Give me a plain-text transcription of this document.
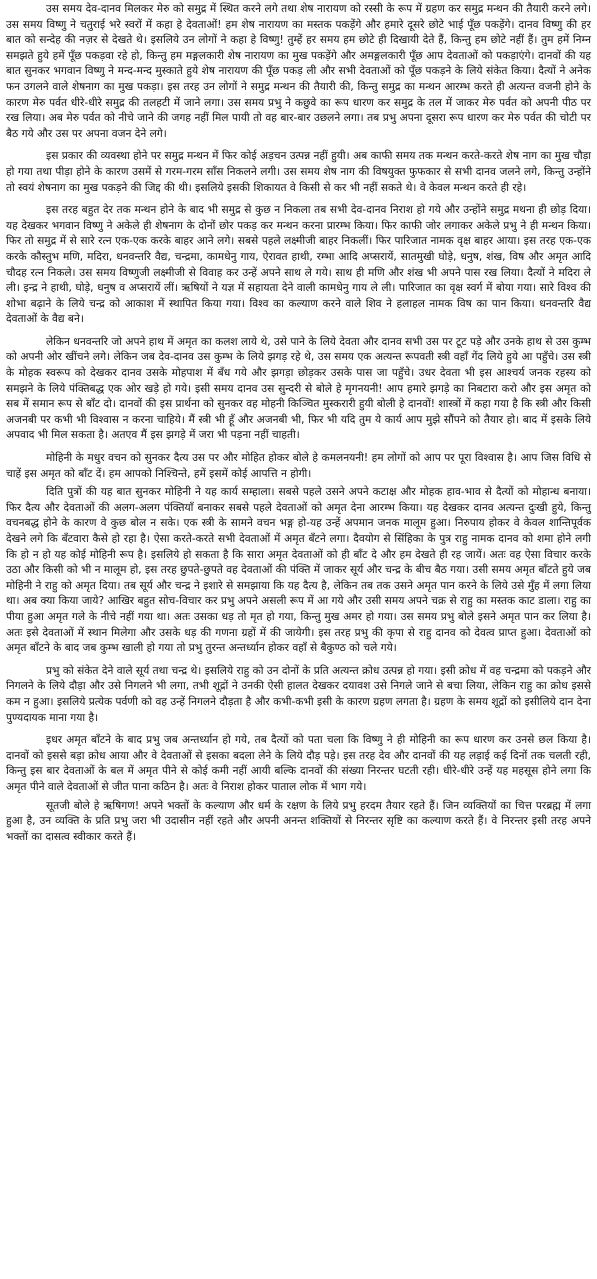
उस समय देव-दानव मिलकर मेरु को समुद्र में स्थित करने लगे तथा शेष नारायण को रस्सी के रूप में ग्रहण कर समुद्र मन्थन की तैयारी करने लगे। उस समय विष्णु ने चतुराई भरे स्वरों में कहा हे देवताओं! हम शेष नारायण का मस्तक पकड़ेंगे और हमारे दूसरे छोटे भाई पूँछ पकड़ेंगे। दानव विष्णु की हर बात को सन्देह की नज़र से देखते थे। इसलिये उन लोगों ने कहा हे विष्णु! तुम्हें हर समय हम छोटे ही दिखायी देते हैं, किन्तु हम छोटे नहीं हैं। तुम हमें निम्न समझते हुये हमें पूँछ पकड़वा रहे हो, किन्तु हम मङ्गलकारी शेष नारायण का मुख पकड़ेंगे और अमङ्गलकारी पूँछ आप देवताओं को पकड़ाएंगे। दानवों की यह बात सुनकर भगवान विष्णु ने मन्द-मन्द मुस्काते हुये शेष नारायण की पूँछ पकड़ ली और सभी देवताओं को पूँछ पकड़ने के लिये संकेत किया। दैत्यों ने अनेक फन उगलने वाले शेषनाग का मुख पकड़ा। इस तरह उन लोगों ने समुद्र मन्थन की तैयारी की, किन्तु समुद्र का मन्थन आरम्भ करते ही अत्यन्त वजनी होने के कारण मेरु पर्वत धीरे-धीरे समुद्र की तलहटी में जाने लगा। उस समय प्रभु ने कछुवे का रूप धारण कर समुद्र के तल में जाकर मेरु पर्वत को अपनी पीठ पर रख लिया। अब मेरु पर्वत को नीचे जाने की जगह नहीं मिल पायी तो वह बार-बार उछलने लगा। तब प्रभु अपना दूसरा रूप धारण कर मेरु पर्वत की चोटी पर बैठ गये और उस पर अपना वजन देने लगे।

इस प्रकार की व्यवस्था होने पर समुद्र मन्थन में फिर कोई अड़चन उत्पन्न नहीं हुयी। अब काफी समय तक मन्थन करते-करते शेष नाग का मुख चौड़ा हो गया तथा पीड़ा होने के कारण उसमें से गरम-गरम साँस निकलने लगी। उस समय शेष नाग की विषयुक्त फुफकार से सभी दानव जलने लगे, किन्तु उन्होंने तो स्वयं शेषनाग का मुख पकड़ने की जिद्द की थी। इसलिये इसकी शिकायत वे किसी से कर भी नहीं सकते थे। वे केवल मन्थन करते ही रहे।

इस तरह बहुत देर तक मन्थन होने के बाद भी समुद्र से कुछ न निकला तब सभी देव-दानव निराश हो गये और उन्होंने समुद्र मथना ही छोड़ दिया। यह देखकर भगवान विष्णु ने अकेले ही शेषनाग के दोनों छोर पकड़ कर मन्थन करना प्रारम्भ किया। फिर काफी जोर लगाकर अकेले प्रभु ने ही मन्थन किया। फिर तो समुद्र में से सारे रत्न एक-एक करके बाहर आने लगे। सबसे पहले लक्ष्मीजी बाहर निकलीं। फिर पारिजात नामक वृक्ष बाहर आया। इस तरह एक-एक करके कौस्तुभ मणि, मदिरा, धनवन्तरि वैद्य, चन्द्रमा, कामधेनु गाय, ऐरावत हाथी, रम्भा आदि अप्सरायें, सातमुखी घोड़े, धनुष, शंख, विष और अमृत आदि चौदह रत्न निकले। उस समय विष्णुजी लक्ष्मीजी से विवाह कर उन्हें अपने साथ ले गये। साथ ही मणि और शंख भी अपने पास रख लिया। दैत्यों ने मदिरा ले ली। इन्द्र ने हाथी, घोड़े, धनुष व अप्सरायें लीं। ऋषियों ने यज्ञ में सहायता देने वाली कामधेनु गाय ले ली। पारिजात का वृक्ष स्वर्ग में बोया गया। सारे विश्व की शोभा बढ़ाने के लिये चन्द्र को आकाश में स्थापित किया गया। विश्व का कल्याण करने वाले शिव ने हलाहल नामक विष का पान किया। धनवन्तरि वैद्य देवताओं के वैद्य बने।

लेकिन धनवन्तरि जो अपने हाथ में अमृत का कलश लाये थे, उसे पाने के लिये देवता और दानव सभी उस पर टूट पड़े और उनके हाथ से उस कुम्भ को अपनी ओर खींचने लगे। लेकिन जब देव-दानव उस कुम्भ के लिये झगड़ रहे थे, उस समय एक अत्यन्त रूपवती स्त्री वहाँ गेंद लिये हुये आ पहुँचे। उस स्त्री के मोहक स्वरूप को देखकर दानव उसके मोहपाश में बँध गये और झगड़ा छोड़कर उसके पास जा पहुँचे। उधर देवता भी इस आश्चर्य जनक रहस्य को समझने के लिये पंक्तिबद्ध एक ओर खड़े हो गये। इसी समय दानव उस सुन्दरी से बोले हे मृगनयनी! आप हमारे झगड़े का निबटारा करो और इस अमृत को सब में समान रूप से बाँट दो। दानवों की इस प्रार्थना को सुनकर वह मोहनी किञ्चित मुस्करारी हुयी बोली हे दानवों! शास्त्रों में कहा गया है कि स्त्री और किसी अजनबी पर कभी भी विश्वास न करना चाहिये। मैं स्त्री भी हूँ और अजनबी भी, फिर भी यदि तुम ये कार्य आप मुझे सौंपने को तैयार हो। बाद में इसके लिये अपवाद भी मिल सकता है। अतएव मैं इस झगड़े में जरा भी पड़ना नहीं चाहती।

मोहिनी के मधुर वचन को सुनकर दैत्य उस पर और मोहित होकर बोले हे कमलनयनी! हम लोगों को आप पर पूरा विश्वास है। आप जिस विधि से चाहें इस अमृत को बाँट दें। हम आपको निश्चिन्ते, हमें इसमें कोई आपत्ति न होगी।

दिति पुत्रों की यह बात सुनकर मोहिनी ने यह कार्य सम्हाला। सबसे पहले उसने अपने कटाक्ष और मोहक हाव-भाव से दैत्यों को मोहान्ध बनाया। फिर दैत्य और देवताओं की अलग-अलग पंक्तियाँ बनाकर सबसे पहले देवताओं को अमृत देना आरम्भ किया। यह देखकर दानव अत्यन्त दुःखी हुये, किन्तु वचनबद्ध होने के कारण वे कुछ बोल न सके। एक स्त्री के सामने वचन भङ्ग हो-यह उन्हें अपमान जनक मालूम हुआ। निरुपाय होकर वे केवल शान्तिपूर्वक देखने लगे कि बँटवारा कैसे हो रहा है। ऐसा करते-करते सभी देवताओं में अमृत बँटने लगा। दैवयोग से सिंहिका के पुत्र राहु नामक दानव को शमा होने लगी कि हो न हो यह कोई मोहिनी रूप है। इसलिये हो सकता है कि सारा अमृत देवताओं को ही बाँट दे और हम देखते ही रह जायें। अतः वह ऐसा विचार करके उठा और किसी को भी न मालूम हो, इस तरह छुपते-छुपते वह देवताओं की पंक्ति में जाकर सूर्य और चन्द्र के बीच बैठ गया। उसी समय अमृत बाँटते हुये जब मोहिनी ने राहु को अमृत दिया। तब सूर्य और चन्द्र ने इशारे से समझाया कि यह दैत्य है, लेकिन तब तक उसने अमृत पान करने के लिये उसे मुँह में लगा लिया था। अब क्या किया जाये? आखिर बहुत सोच-विचार कर प्रभु अपने असली रूप में आ गये और उसी समय अपने चक्र से राहु का मस्तक काट डाला। राहु का पीया हुआ अमृत गले के नीचे नहीं गया था। अतः उसका धड़ तो मृत हो गया, किन्तु मुख अमर हो गया। उस समय प्रभु बोले इसने अमृत पान कर लिया है। अतः इसे देवताओं में स्थान मिलेगा और उसके धड़ की गणना ग्रहों में की जायेगी। इस तरह प्रभु की कृपा से राहु दानव को देवत्व प्राप्त हुआ। देवताओं को अमृत बाँटने के बाद जब कुम्भ खाली हो गया तो प्रभु तुरन्त अन्तर्ध्यान होकर वहाँ से बैकुण्ठ को चले गये।

प्रभु को संकेत देने वाले सूर्य तथा चन्द्र थे। इसलिये राहु को उन दोनों के प्रति अत्यन्त क्रोध उत्पन्न हो गया। इसी क्रोध में वह चन्द्रमा को पकड़ने और निगलने के लिये दौड़ा और उसे निगलने भी लगा, तभी शूद्रों ने उनकी ऐसी हालत देखकर दयावश उसे निगले जाने से बचा लिया, लेकिन राहु का क्रोध इससे कम न हुआ। इसलिये प्रत्येक पर्वणी को वह उन्हें निगलने दौड़ता है और कभी-कभी इसी के कारण ग्रहण लगता है। ग्रहण के समय शूद्रों को इसीलिये दान देना पुण्यदायक माना गया है।

इधर अमृत बाँटने के बाद प्रभु जब अन्तर्ध्यान हो गये, तब दैत्यों को पता चला कि विष्णु ने ही मोहिनी का रूप धारण कर उनसे छल किया है। दानवों को इससे बड़ा क्रोध आया और वे देवताओं से इसका बदला लेने के लिये दौड़ पड़े। इस तरह देव और दानवों की यह लड़ाई कई दिनों तक चलती रही, किन्तु इस बार देवताओं के बल में अमृत पीने से कोई कमी नहीं आयी बल्कि दानवों की संख्या निरन्तर घटती रही। धीरे-धीरे उन्हें यह महसूस होने लगा कि अमृत पीने वाले देवताओं से जीत पाना कठिन है। अतः वे निराश होकर पाताल लोक में भाग गये।

सूतजी बोले हे ऋषिगण! अपने भक्तों के कल्याण और धर्म के रक्षण के लिये प्रभु हरदम तैयार रहते हैं। जिन व्यक्तियों का चित्त परब्रह्म में लगा हुआ है, उन व्यक्ति के प्रति प्रभु जरा भी उदासीन नहीं रहते और अपनी अनन्त शक्तियों से निरन्तर सृष्टि का कल्याण करते हैं। वे निरन्तर इसी तरह अपने भक्तों का दासत्व स्वीकार करते हैं।
